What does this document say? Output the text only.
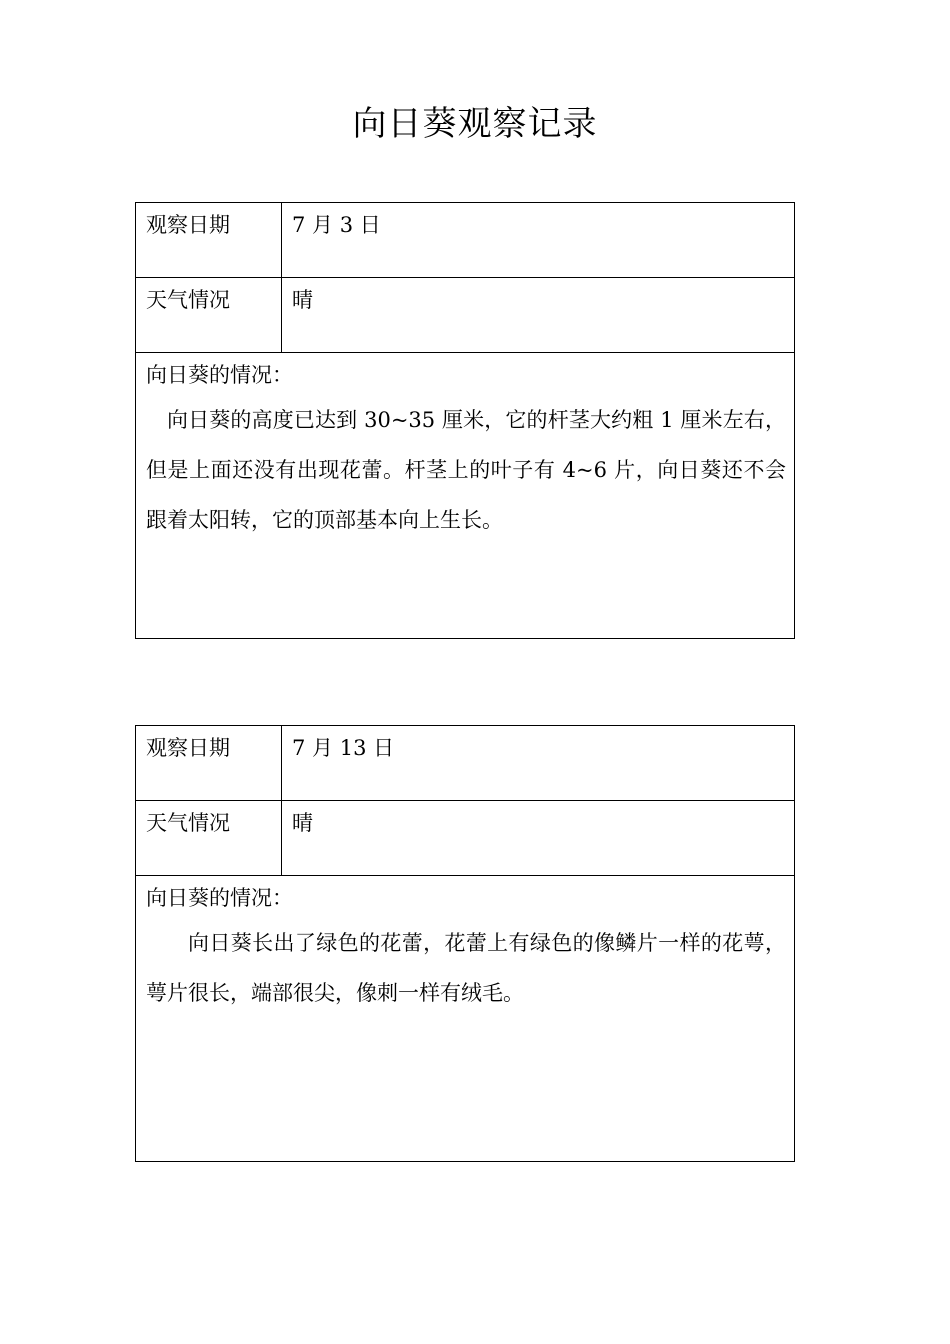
向日葵观察记录
观察日期	7 月 3 日
天气情况	晴
向日葵的情况：
向日葵的高度已达到 30~35 厘米，它的杆茎大约粗 1 厘米左右，但是上面还没有出现花蕾。杆茎上的叶子有 4~6 片，向日葵还不会跟着太阳转，它的顶部基本向上生长。
观察日期	7 月 13 日
天气情况	晴
向日葵的情况：
向日葵长出了绿色的花蕾，花蕾上有绿色的像鳞片一样的花萼，萼片很长，端部很尖，像刺一样有绒毛。
